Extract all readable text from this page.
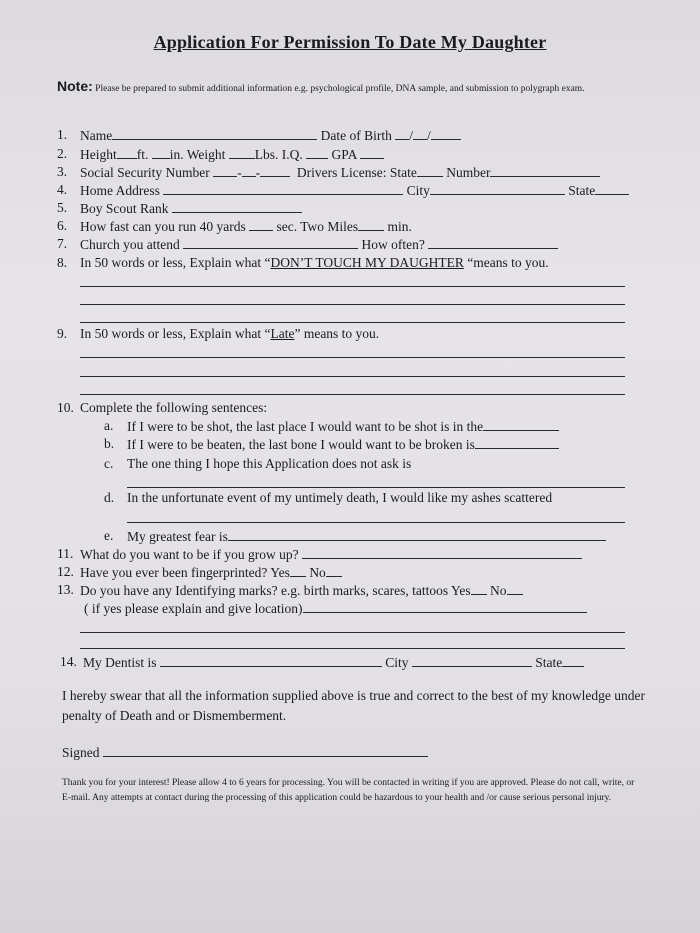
Application For Permission To Date My Daughter
Note: Please be prepared to submit additional information e.g. psychological profile, DNA sample, and submission to polygraph exam.
1. Name	Date of Birth / /
2. Height ft. in. Weight Lbs. I.Q. GPA
3. Social Security Number - -	Drivers License: State Number
4. Home Address	City	State
5. Boy Scout Rank
6. How fast can you run 40 yards sec. Two Miles min.
7. Church you attend	How often?
8. In 50 words or less, Explain what “DON’T TOUCH MY DAUGHTER “means to you.
9. In 50 words or less, Explain what “Late” means to you.
10. Complete the following sentences:
a. If I were to be shot, the last place I would want to be shot is in the
b. If I were to be beaten, the last bone I would want to be broken is
c. The one thing I hope this Application does not ask is
d. In the unfortunate event of my untimely death, I would like my ashes scattered
e. My greatest fear is
11. What do you want to be if you grow up?
12. Have you ever been fingerprinted? Yes No
13. Do you have any Identifying marks? e.g. birth marks, scares, tattoos Yes No
( if yes please explain and give location)
14. My Dentist is	City	State
I hereby swear that all the information supplied above is true and correct to the best of my knowledge under penalty of Death and or Dismemberment.
Signed
Thank you for your interest! Please allow 4 to 6 years for processing. You will be contacted in writing if you are approved. Please do not call, write, or E-mail. Any attempts at contact during the processing of this application could be hazardous to your health and /or cause serious personal injury.
